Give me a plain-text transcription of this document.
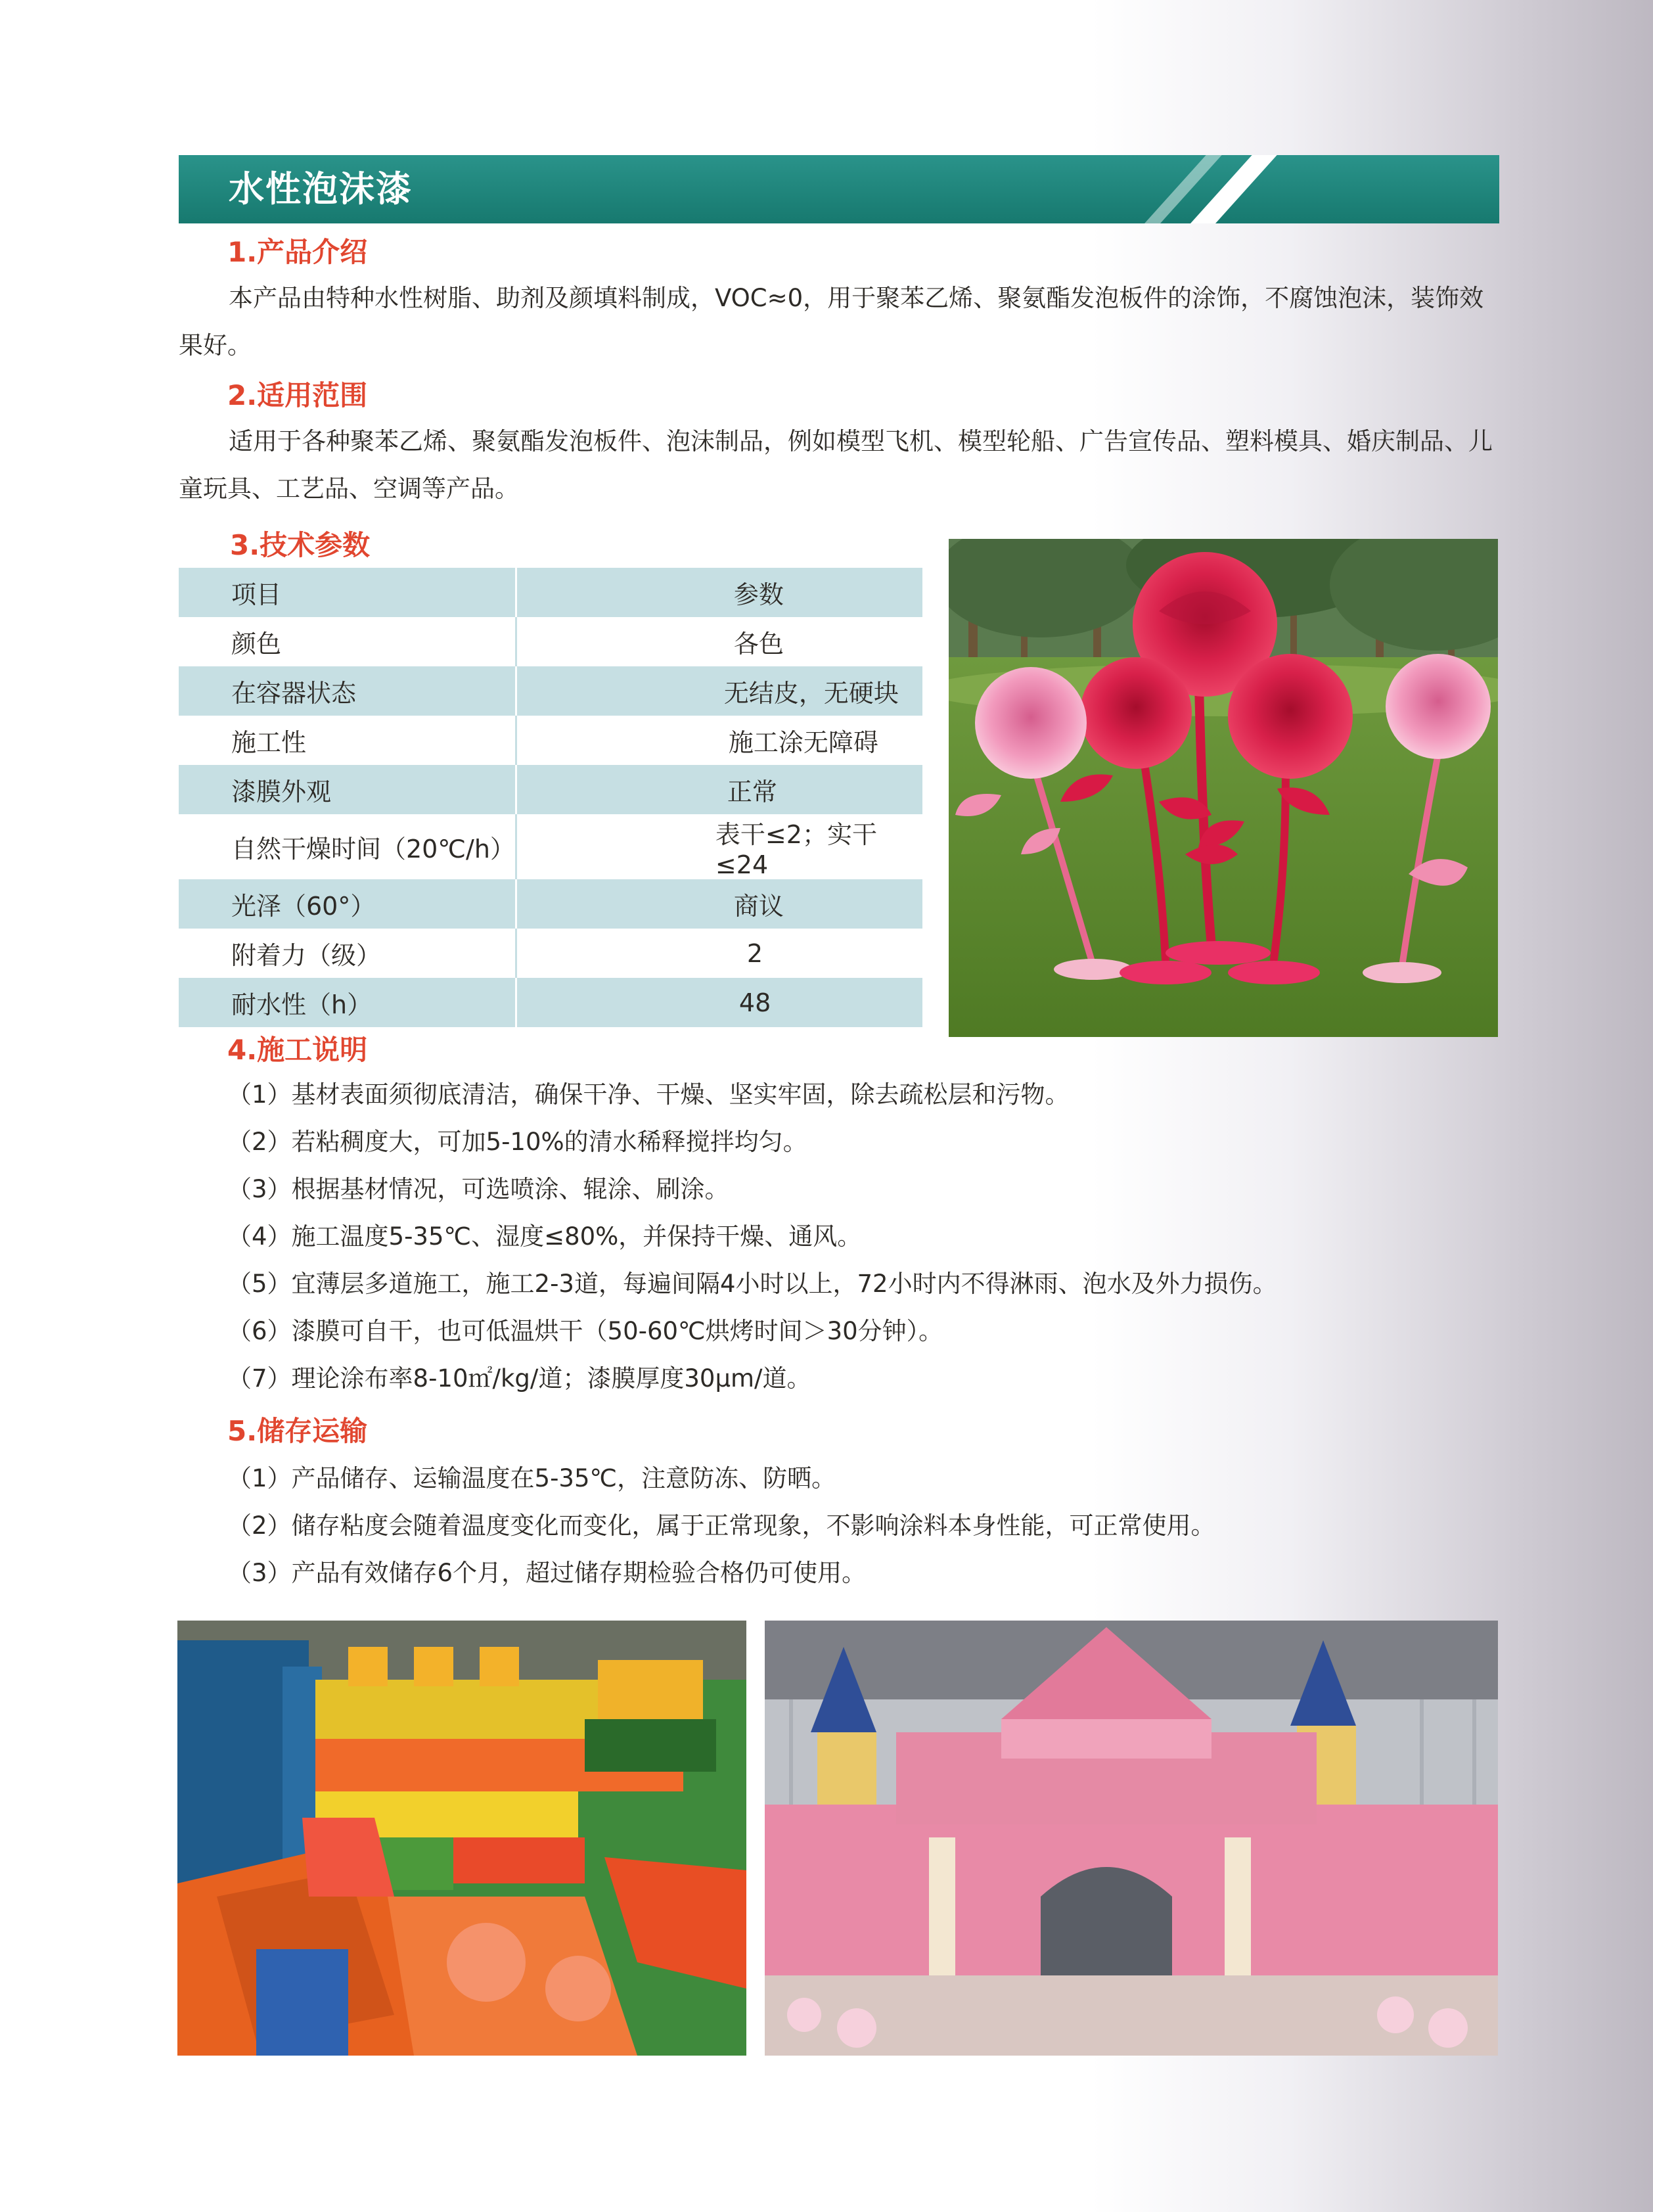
水性泡沫漆
1.产品介绍
本产品由特种水性树脂、助剂及颜填料制成，VOC≈0，用于聚苯乙烯、聚氨酯发泡板件的涂饰，不腐蚀泡沫，装饰效果好。
2.适用范围
适用于各种聚苯乙烯、聚氨酯发泡板件、泡沫制品，例如模型飞机、模型轮船、广告宣传品、塑料模具、婚庆制品、儿童玩具、工艺品、空调等产品。
3.技术参数
项目	参数
颜色	各色
在容器状态	无结皮，无硬块
施工性	施工涂无障碍
漆膜外观	正常
自然干燥时间（20℃/h）	表干≤2；实干≤24
光泽（60°）	商议
附着力（级）	2
耐水性（h）	48
4.施工说明
（1）基材表面须彻底清洁，确保干净、干燥、坚实牢固，除去疏松层和污物。
（2）若粘稠度大，可加5-10%的清水稀释搅拌均匀。
（3）根据基材情况，可选喷涂、辊涂、刷涂。
（4）施工温度5-35℃、湿度≤80%，并保持干燥、通风。
（5）宜薄层多道施工，施工2-3道，每遍间隔4小时以上，72小时内不得淋雨、泡水及外力损伤。
（6）漆膜可自干，也可低温烘干（50-60℃烘烤时间＞30分钟）。
（7）理论涂布率8-10㎡/kg/道；漆膜厚度30μm/道。
5.储存运输
（1）产品储存、运输温度在5-35℃，注意防冻、防晒。
（2）储存粘度会随着温度变化而变化，属于正常现象，不影响涂料本身性能，可正常使用。
（3）产品有效储存6个月，超过储存期检验合格仍可使用。
